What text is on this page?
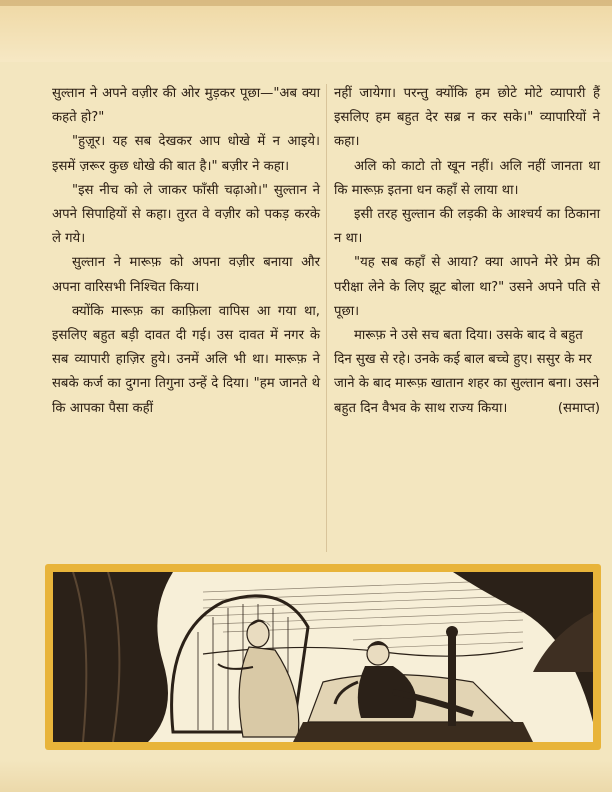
सुल्तान ने अपने वज़ीर की ओर मुड़कर पूछा—"अब क्या कहते हो?"

"हुज़ूर। यह सब देखकर आप धोखे में न आइये। इसमें ज़रूर कुछ धोखे की बात है।" बज़ीर ने कहा।

"इस नीच को ले जाकर फाँसी चढ़ाओ।" सुल्तान ने अपने सिपाहियों से कहा। तुरत वे वज़ीर को पकड़ करके ले गये।

सुल्तान ने मारूफ़ को अपना वज़ीर बनाया और अपना वारिसभी निश्चित किया।

क्योंकि मारूफ़ का काफ़िला वापिस आ गया था, इसलिए बहुत बड़ी दावत दी गई। उस दावत में नगर के सब व्यापारी हाज़िर हुये। उनमें अलि भी था। मारूफ़ ने सबके कर्ज का दुगना तिगुना उन्हें दे दिया। "हम जानते थे कि आपका पैसा कहीं

नहीं जायेगा। परन्तु क्योंकि हम छोटे मोटे व्यापारी हैं इसलिए हम बहुत देर सब्र न कर सके।" व्यापारियों ने कहा।

अलि को काटो तो खून नहीं। अलि नहीं जानता था कि मारूफ़ इतना धन कहाँ से लाया था।

इसी तरह सुल्तान की लड़की के आश्चर्य का ठिकाना न था।

"यह सब कहाँ से आया? क्या आपने मेरे प्रेम की परीक्षा लेने के लिए झूट बोला था?" उसने अपने पति से पूछा।

मारूफ़ ने उसे सच बता दिया। उसके बाद वे बहुत दिन सुख से रहे। उनके कई बाल बच्चे हुए। ससुर के मर जाने के बाद मारूफ़ खातान शहर का सुल्तान बना। उसने बहुत दिन वैभव के साथ राज्य किया।	(समाप्त)
